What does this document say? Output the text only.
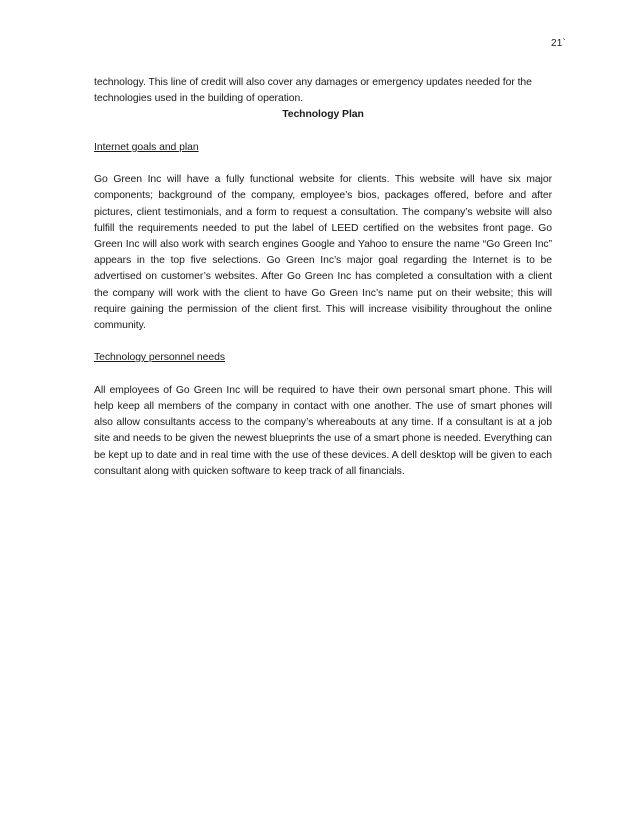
21`

technology. This line of credit will also cover any damages or emergency updates needed for the technologies used in the building of operation.

Technology Plan
Internet goals and plan

Go Green Inc will have a fully functional website for clients. This website will have six major components; background of the company, employee’s bios, packages offered, before and after pictures, client testimonials, and a form to request a consultation. The company’s website will also fulfill the requirements needed to put the label of LEED certified on the websites front page. Go Green Inc will also work with search engines Google and Yahoo to ensure the name “Go Green Inc” appears in the top five selections. Go Green Inc’s major goal regarding the Internet is to be advertised on customer’s websites. After Go Green Inc has completed a consultation with a client the company will work with the client to have Go Green Inc’s name put on their website; this will require gaining the permission of the client first. This will increase visibility throughout the online community.

Technology personnel needs

All employees of Go Green Inc will be required to have their own personal smart phone. This will help keep all members of the company in contact with one another. The use of smart phones will also allow consultants access to the company’s whereabouts at any time. If a consultant is at a job site and needs to be given the newest blueprints the use of a smart phone is needed. Everything can be kept up to date and in real time with the use of these devices. A dell desktop will be given to each consultant along with quicken software to keep track of all financials.
